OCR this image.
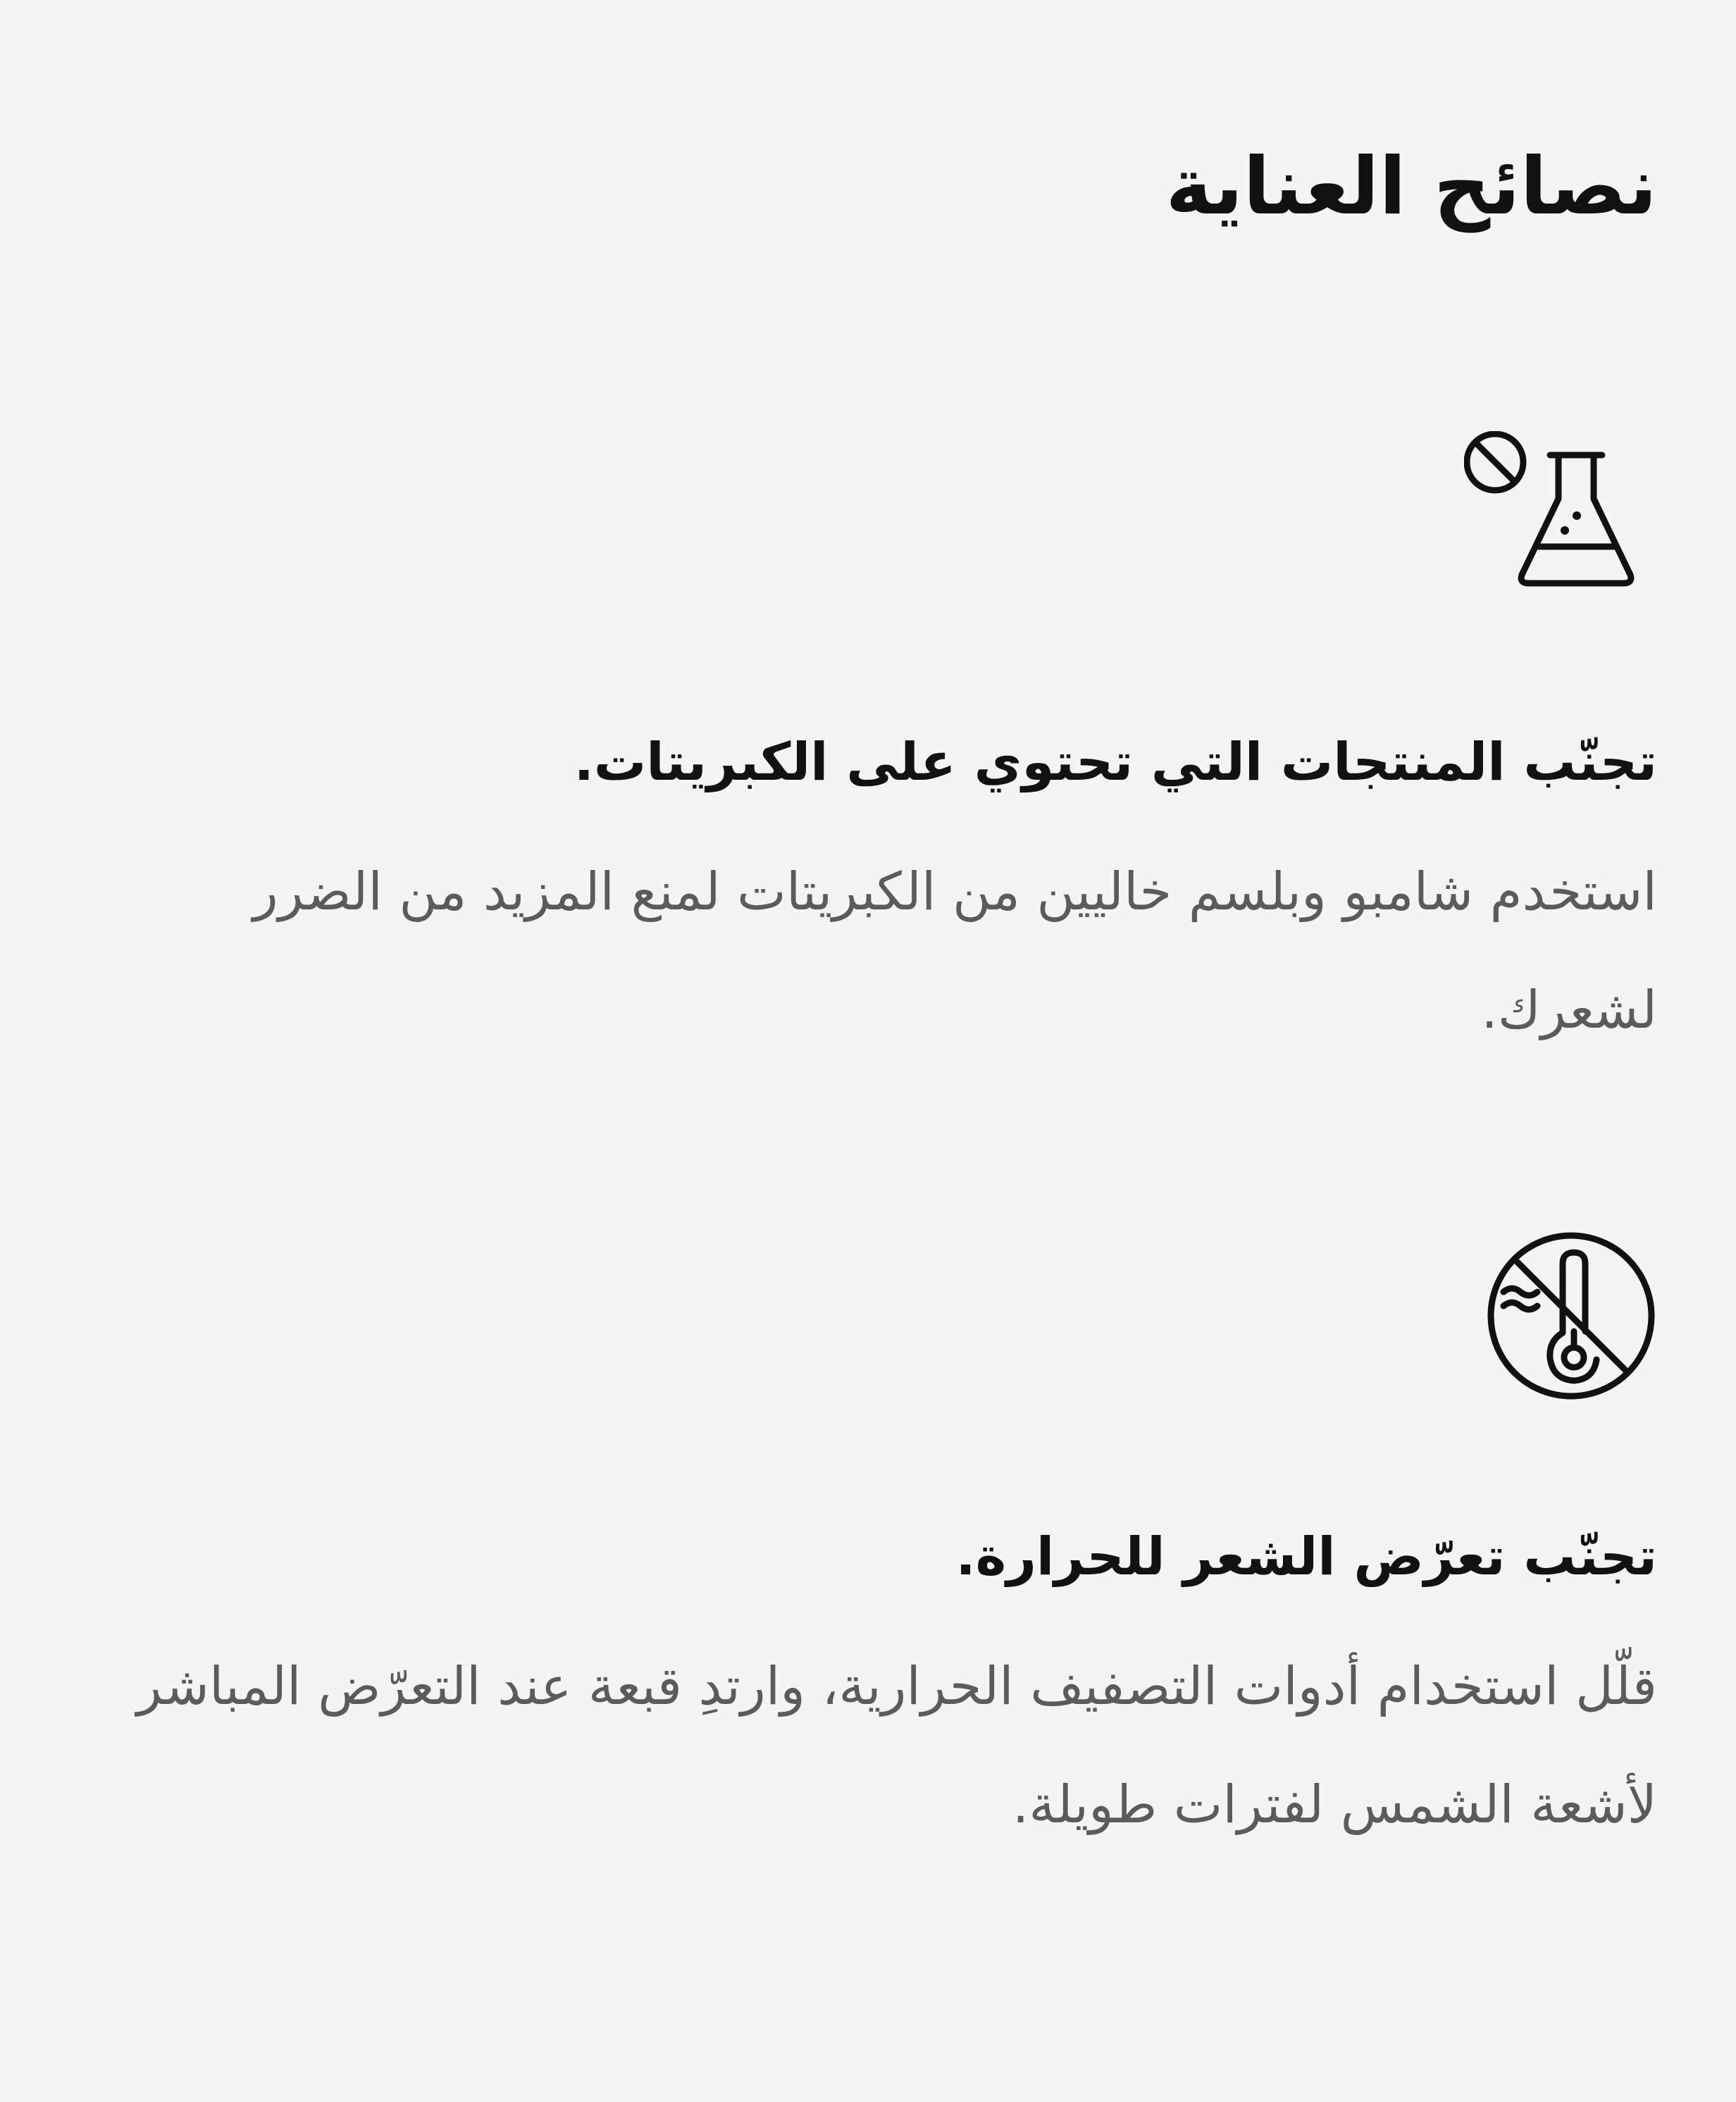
نصائح العناية
تجنّب المنتجات التي تحتوي على الكبريتات.

استخدم شامبو وبلسم خاليين من الكبريتات لمنع المزيد من الضرر لشعرك.

تجنّب تعرّض الشعر للحرارة.

قلّل استخدام أدوات التصفيف الحرارية، وارتدِ قبعة عند التعرّض المباشر لأشعة الشمس لفترات طويلة.
